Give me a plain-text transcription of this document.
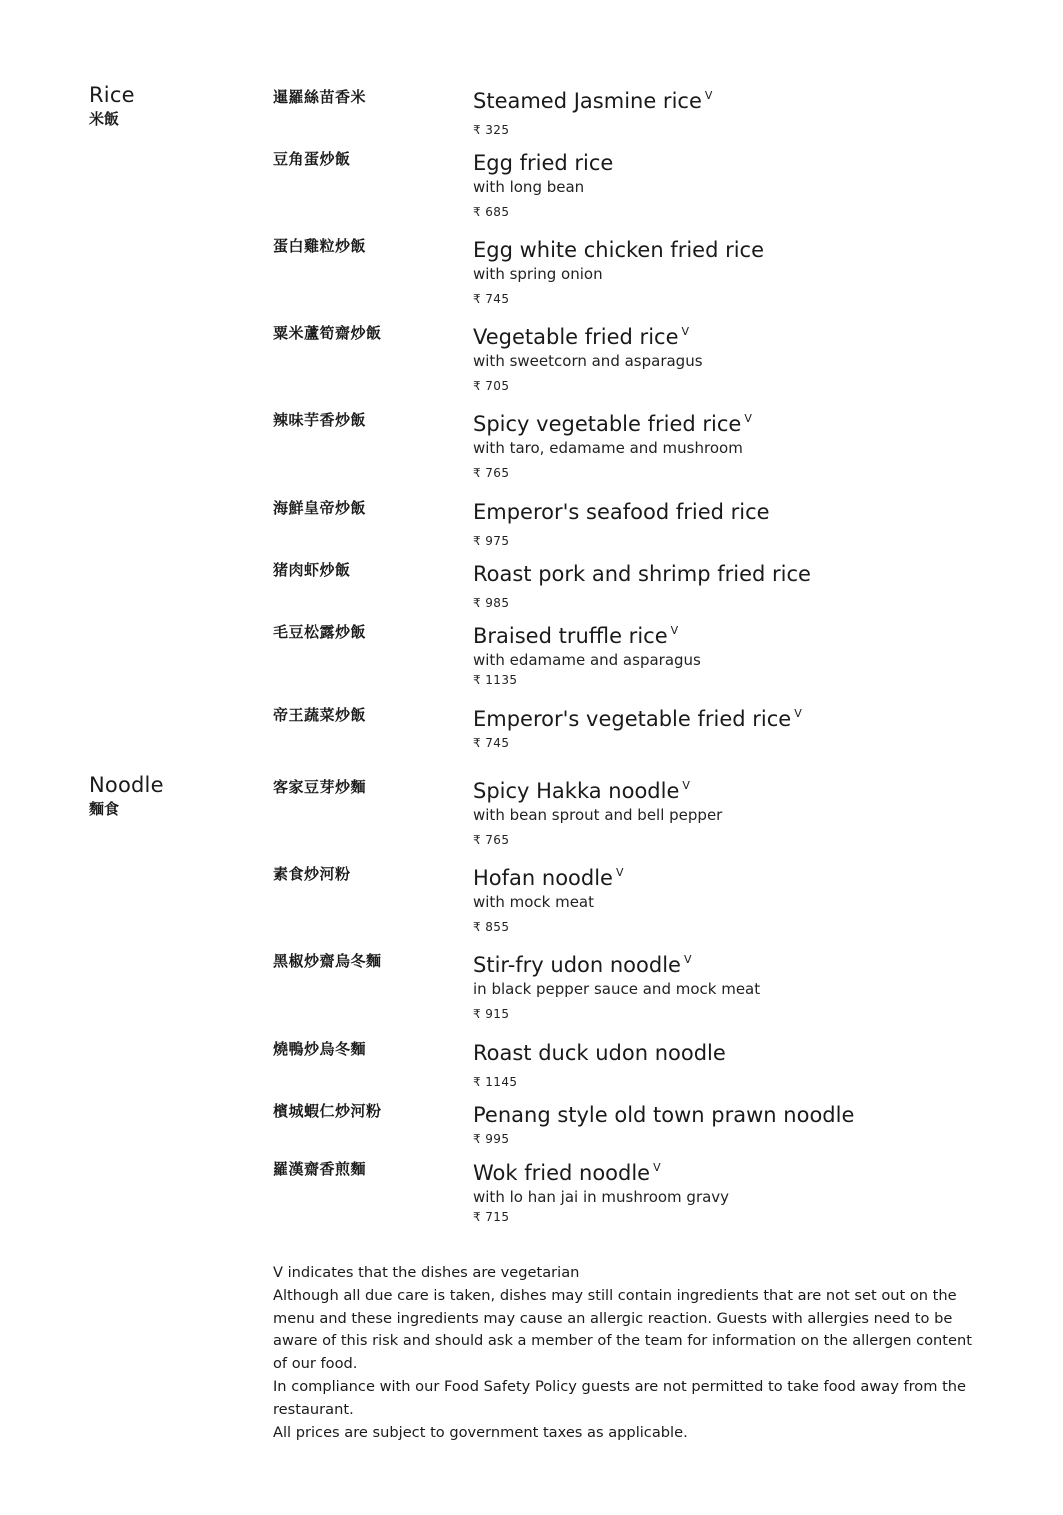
Rice
米飯
暹羅絲苗香米	Steamed Jasmine rice $^V$
₹ 325
豆角蛋炒飯	Egg fried rice
with long bean
₹ 685
蛋白雞粒炒飯	Egg white chicken fried rice
with spring onion
₹ 745
粟米蘆筍齋炒飯	Vegetable fried rice $^V$
with sweetcorn and asparagus
₹ 705
辣味芋香炒飯	Spicy vegetable fried rice $^V$
with taro, edamame and mushroom
₹ 765
海鮮皇帝炒飯	Emperor's seafood fried rice
₹ 975
猪肉虾炒飯	Roast pork and shrimp fried rice
₹ 985
毛豆松露炒飯	Braised truffle rice $^V$
with edamame and asparagus
₹ 1135
帝王蔬菜炒飯	Emperor's vegetable fried rice $^V$
₹ 745
Noodle
麵食
客家豆芽炒麵	Spicy Hakka noodle $^V$
with bean sprout and bell pepper
₹ 765
素食炒河粉	Hofan noodle $^V$
with mock meat
₹ 855
黑椒炒齋烏冬麵	Stir-fry udon noodle $^V$
in black pepper sauce and mock meat
₹ 915
燒鴨炒烏冬麵	Roast duck udon noodle
₹ 1145
檳城蝦仁炒河粉	Penang style old town prawn noodle
₹ 995
羅漢齋香煎麵	Wok fried noodle $^V$
with lo han jai in mushroom gravy
₹ 715

V indicates that the dishes are vegetarian

Although all due care is taken, dishes may still contain ingredients that are not set out on the menu and these ingredients may cause an allergic reaction. Guests with allergies need to be aware of this risk and should ask a member of the team for information on the allergen content of our food.

In compliance with our Food Safety Policy guests are not permitted to take food away from the restaurant.

All prices are subject to government taxes as applicable.
